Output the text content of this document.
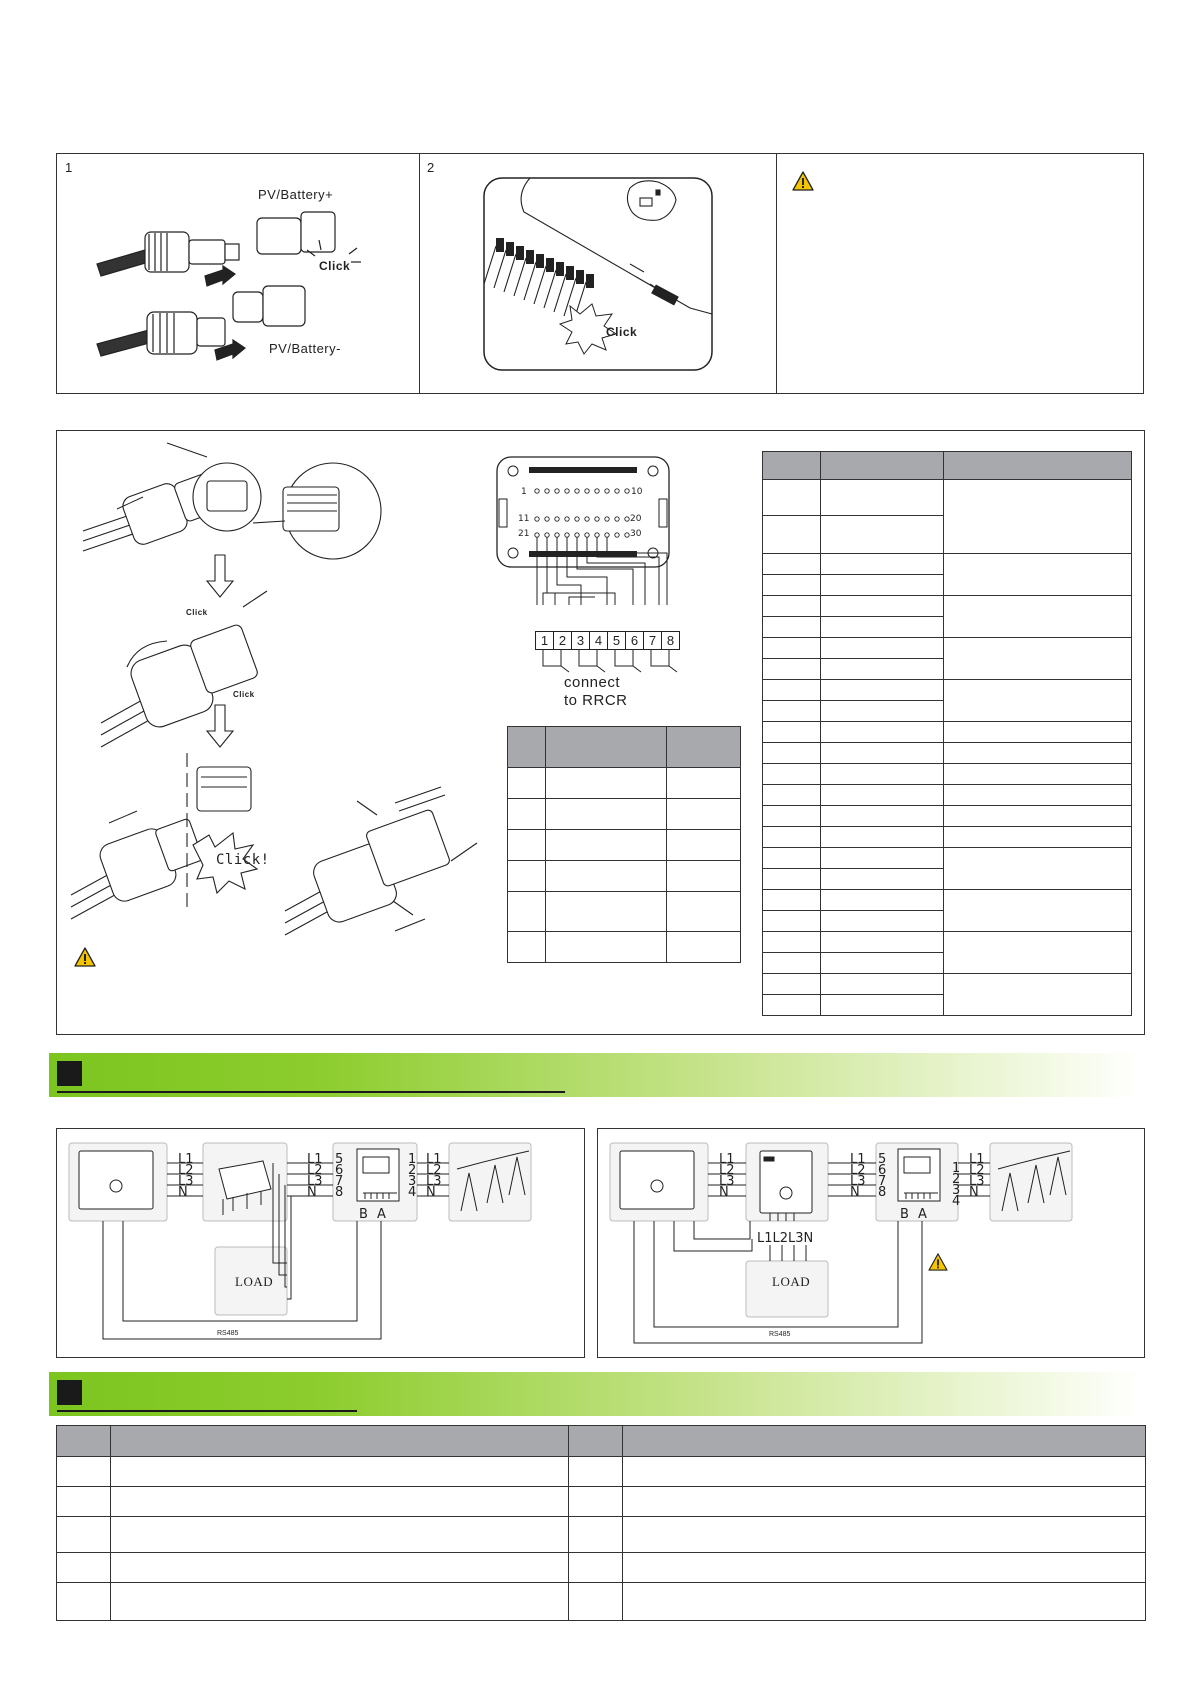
1
PV/Battery+
PV/Battery-
Click
2
Click
Click
Click
Click!
1	10
11	20
21	30
1 2 3 4 5 6 7 8
connect
to RRCR

L1
L2
L3
N
L1
L2
L3
N
5
6
7
8
1
2
3
4
L1
L2
L3
N
B A
LOAD
RS485
L1
L2
L3
N
L1
L2
L3
N
5
6
7
8
1
2
3
4
L1
L2
L3
N
L1L2L3N
B A
LOAD
RS485
